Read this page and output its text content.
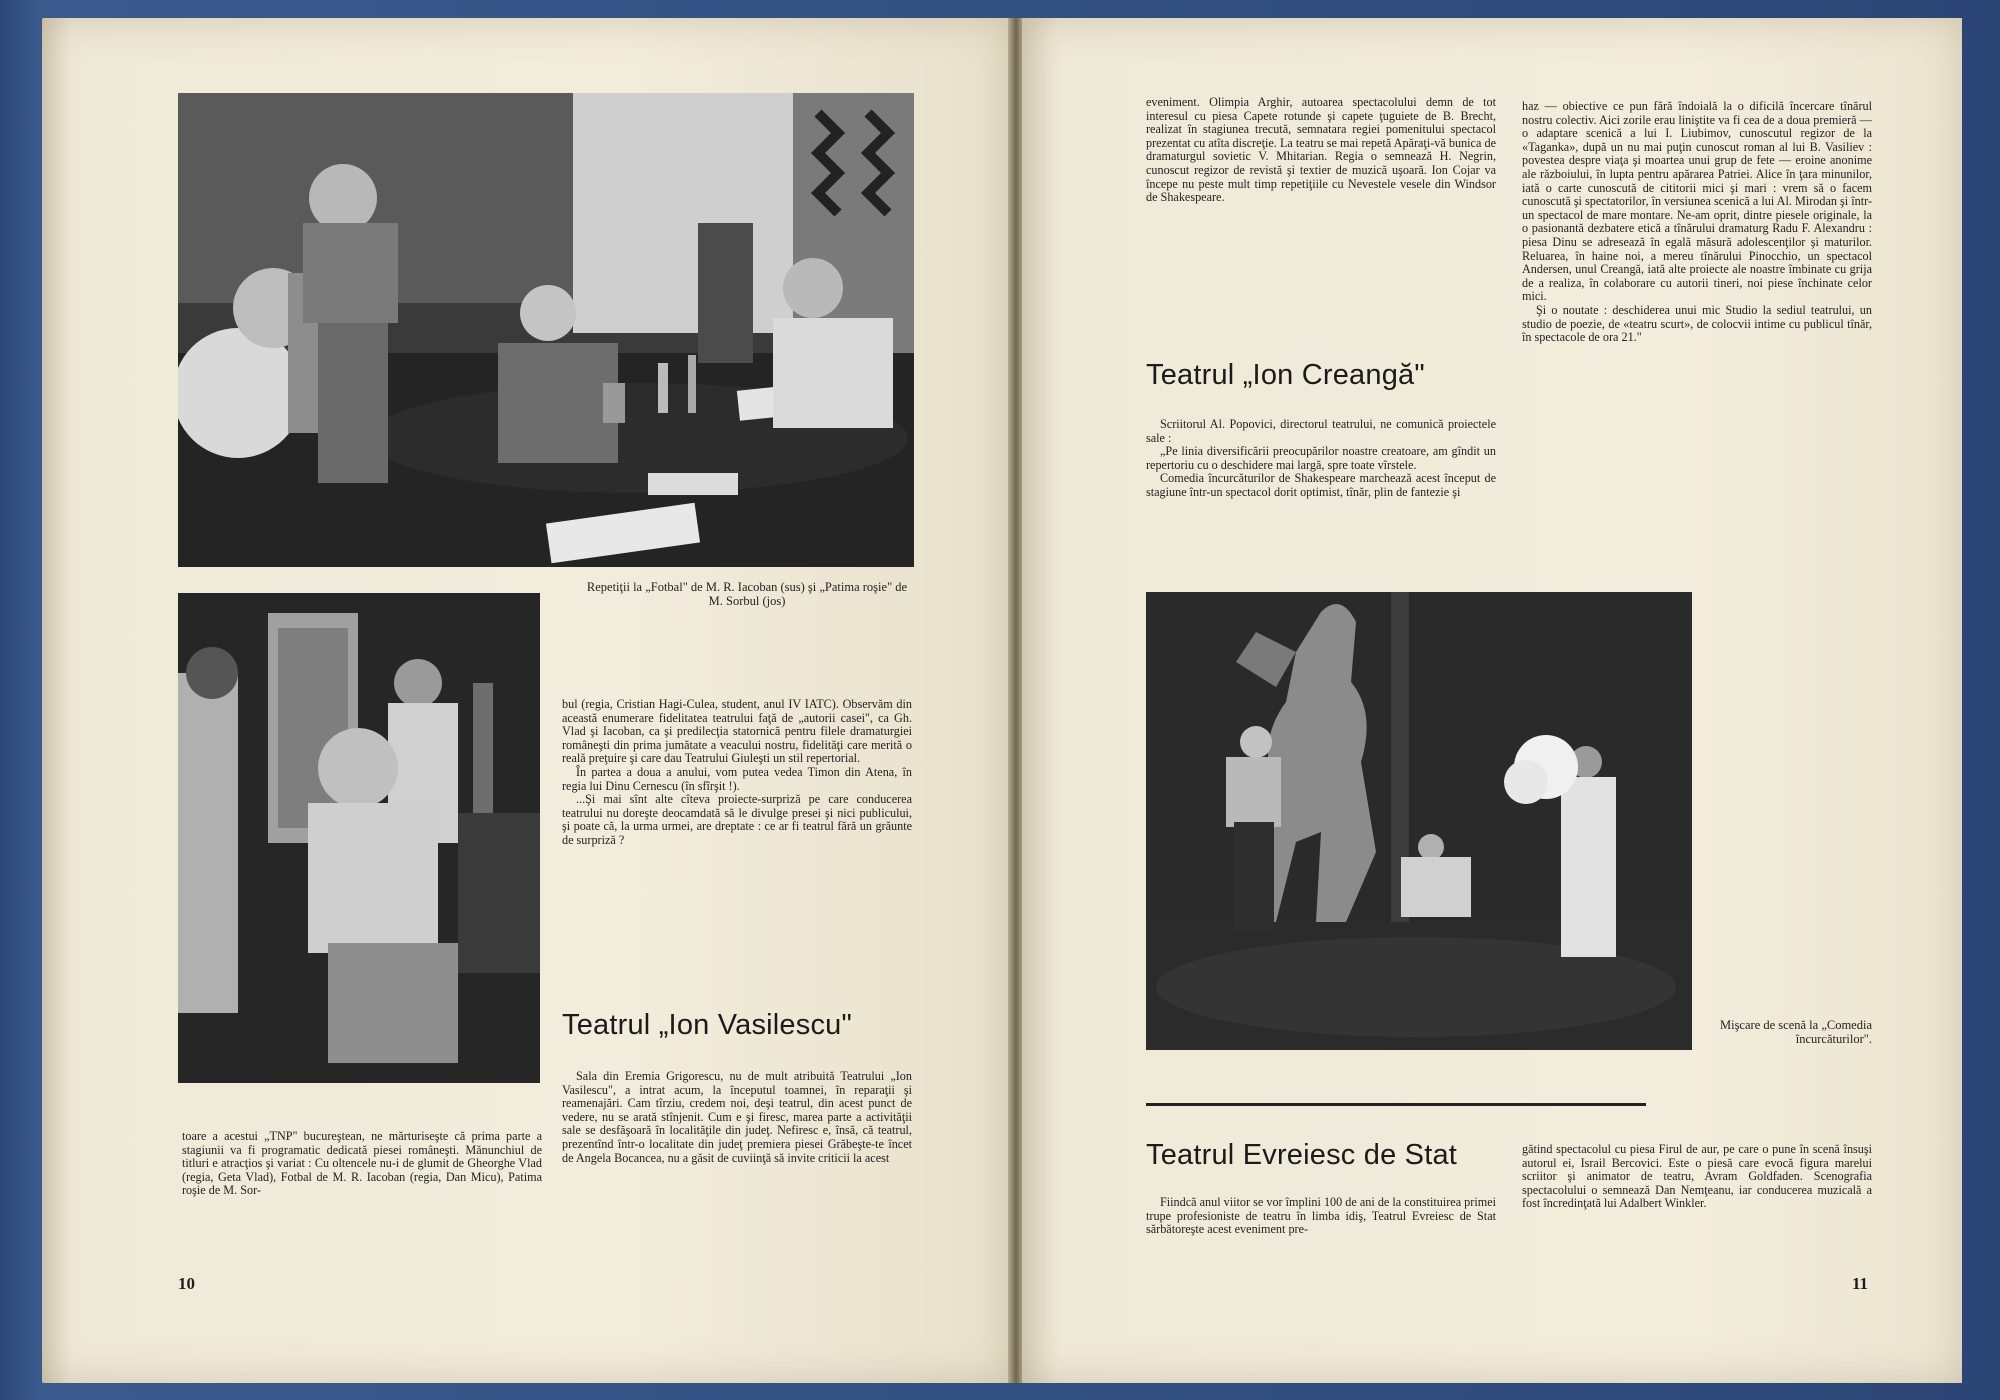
Repetiţii la „Fotbal" de M. R. Iacoban (sus) şi „Patima roşie" de M. Sorbul (jos)

toare a acestui „TNP" bucureştean, ne mărturiseşte că prima parte a stagiunii va fi programatic dedicată piesei româneşti. Mănunchiul de titluri e atracţios şi variat : Cu oltencele nu-i de glumit de Gheorghe Vlad (regia, Geta Vlad), Fotbal de M. R. Iacoban (regia, Dan Micu), Patima roşie de M. Sor-

bul (regia, Cristian Hagi-Culea, student, anul IV IATC). Observăm din această enumerare fidelitatea teatrului faţă de „autorii casei", ca Gh. Vlad şi Iacoban, ca şi predilecţia statornică pentru filele dramaturgiei româneşti din prima jumătate a veacului nostru, fidelităţi care merită o reală preţuire şi care dau Teatrului Giuleşti un stil repertorial.

În partea a doua a anului, vom putea vedea Timon din Atena, în regia lui Dinu Cernescu (în sfîrşit !).

...Şi mai sînt alte cîteva proiecte-surpriză pe care conducerea teatrului nu doreşte deocamdată să le divulge presei şi nici publicului, şi poate că, la urma urmei, are dreptate : ce ar fi teatrul fără un grăunte de surpriză ?

Teatrul „Ion Vasilescu"

Sala din Eremia Grigorescu, nu de mult atribuită Teatrului „Ion Vasilescu", a intrat acum, la începutul toamnei, în reparaţii şi reamenajări. Cam tîrziu, credem noi, deşi teatrul, din acest punct de vedere, nu se arată stînjenit. Cum e şi firesc, marea parte a activităţii sale se desfăşoară în localităţile din judeţ. Nefiresc e, însă, că teatrul, prezentînd într-o localitate din judeţ premiera piesei Grăbeşte-te încet de Angela Bocancea, nu a găsit de cuviinţă să invite criticii la acest

10

eveniment. Olimpia Arghir, autoarea spectacolului demn de tot interesul cu piesa Capete rotunde şi capete ţuguiete de B. Brecht, realizat în stagiunea trecută, semnatara regiei pomenitului spectacol prezentat cu atîta discreţie. La teatru se mai repetă Apăraţi-vă bunica de dramaturgul sovietic V. Mhitarian. Regia o semnează H. Negrin, cunoscut regizor de revistă şi textier de muzică uşoară. Ion Cojar va începe nu peste mult timp repetiţiile cu Nevestele vesele din Windsor de Shakespeare.

Teatrul „Ion Creangă"

Scriitorul Al. Popovici, directorul teatrului, ne comunică proiectele sale :

„Pe linia diversificării preocupărilor noastre creatoare, am gîndit un repertoriu cu o deschidere mai largă, spre toate vîrstele.

Comedia încurcăturilor de Shakespeare marchează acest început de stagiune într-un spectacol dorit optimist, tînăr, plin de fantezie şi

haz — obiective ce pun fără îndoială la o dificilă încercare tînărul nostru colectiv. Aici zorile erau liniştite va fi cea de a doua premieră — o adaptare scenică a lui I. Liubimov, cunoscutul regizor de la «Taganka», după un nu mai puţin cunoscut roman al lui B. Vasiliev : povestea despre viaţa şi moartea unui grup de fete — eroine anonime ale războiului, în lupta pentru apărarea Patriei. Alice în ţara minunilor, iată o carte cunoscută de cititorii mici şi mari : vrem să o facem cunoscută şi spectatorilor, în versiunea scenică a lui Al. Mirodan şi într-un spectacol de mare montare. Ne-am oprit, dintre piesele originale, la o pasionantă dezbatere etică a tînărului dramaturg Radu F. Alexandru : piesa Dinu se adresează în egală măsură adolescenţilor şi maturilor. Reluarea, în haine noi, a mereu tînărului Pinocchio, un spectacol Andersen, unul Creangă, iată alte proiecte ale noastre îmbinate cu grija de a realiza, în colaborare cu autorii tineri, noi piese închinate celor mici.

Şi o noutate : deschiderea unui mic Studio la sediul teatrului, un studio de poezie, de «teatru scurt», de colocvii intime cu publicul tînăr, în spectacole de ora 21."

Mişcare de scenă la „Comedia încurcăturilor".
Teatrul Evreiesc de Stat

Fiindcă anul viitor se vor împlini 100 de ani de la constituirea primei trupe profesioniste de teatru în limba idiş, Teatrul Evreiesc de Stat sărbătoreşte acest eveniment pre-

gătind spectacolul cu piesa Firul de aur, pe care o pune în scenă însuşi autorul ei, Israil Bercovici. Este o piesă care evocă figura marelui scriitor şi animator de teatru, Avram Goldfaden. Scenografia spectacolului o semnează Dan Nemţeanu, iar conducerea muzicală a fost încredinţată lui Adalbert Winkler.

11
